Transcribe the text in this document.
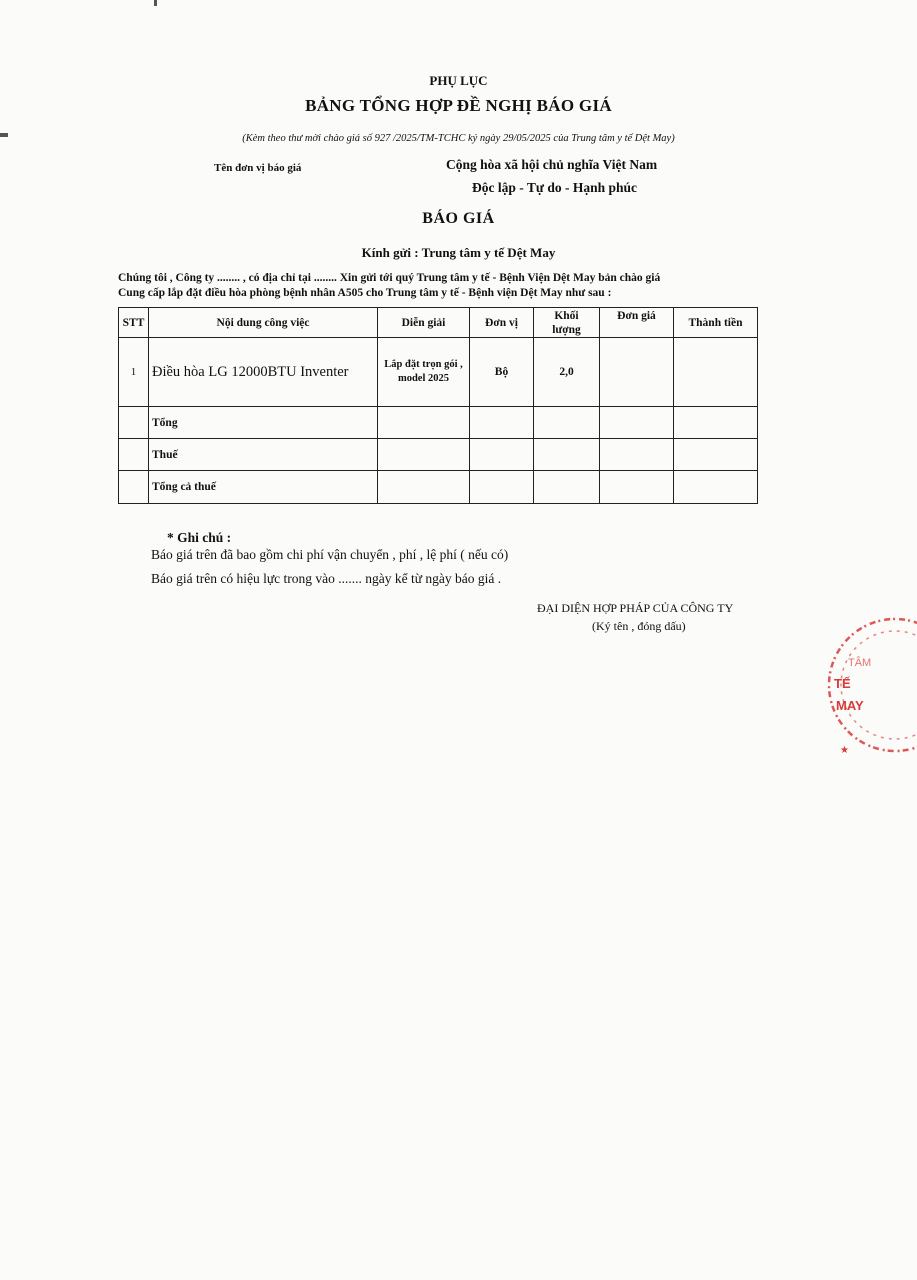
PHỤ LỤC
BẢNG TỔNG HỢP ĐỀ NGHỊ BÁO GIÁ
(Kèm theo thư mời chào giá số 927 /2025/TM-TCHC ký ngày 29/05/2025 của Trung tâm y tế Dệt May)
Tên đơn vị báo giá	Cộng hòa xã hội chủ nghĩa Việt Nam
Độc lập - Tự do - Hạnh phúc
BÁO GIÁ
Kính gửi : Trung tâm y tế Dệt May
Chúng tôi , Công ty ........ , có địa chỉ tại ........ Xin gửi tới quý Trung tâm y tế - Bệnh Viện Dệt May bản chào giá
Cung cấp lắp đặt điều hòa phòng bệnh nhân A505 cho Trung tâm y tế - Bệnh viện Dệt May như sau :
STT	Nội dung công việc	Diễn giải	Đơn vị	Khối lượng	Đơn giá	Thành tiền
1	Điều hòa LG 12000BTU Inventer	Lắp đặt trọn gói , model 2025	Bộ	2,0		
	Tổng					
	Thuế					
	Tổng cả thuế					
* Ghi chú :
Báo giá trên đã bao gồm chi phí vận chuyển , phí , lệ phí ( nếu có)
Báo giá trên có hiệu lực trong vào ....... ngày kể từ ngày báo giá .
ĐẠI DIỆN HỢP PHÁP CỦA CÔNG TY
(Ký tên , đóng dấu)
TÂM
TẾ
MAY
★
